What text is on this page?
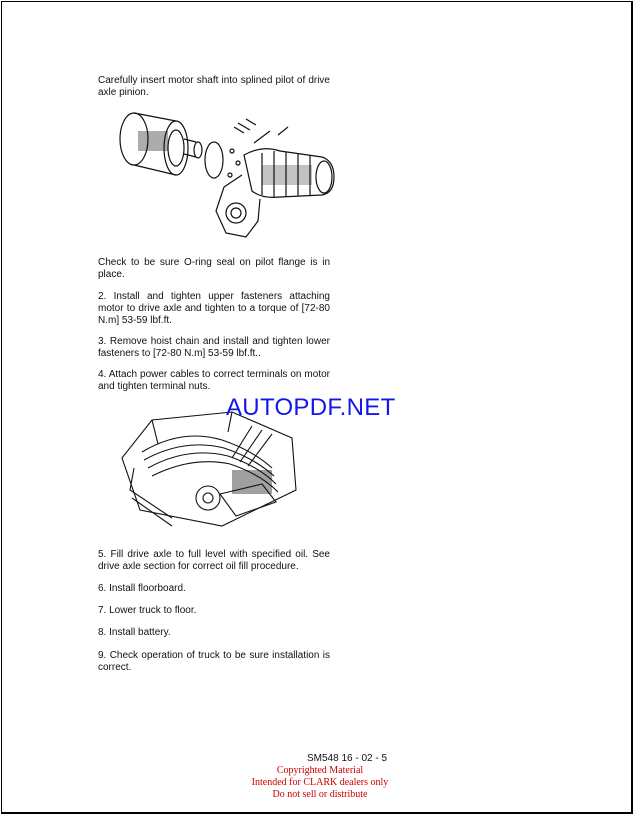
Carefully insert motor shaft into splined pilot of drive axle pinion.

Check to be sure O-ring seal on pilot flange is in place.

2. Install and tighten upper fasteners attaching motor to drive axle and tighten to a torque of [72-80 N.m] 53-59 lbf.ft.

3. Remove hoist chain and install and tighten lower fasteners to [72-80 N.m] 53-59 lbf.ft..

4. Attach power cables to correct terminals on motor and tighten terminal nuts.

AUTOPDF.NET

5. Fill drive axle to full level with specified oil. See drive axle section for correct oil fill procedure.

6. Install floorboard.

7. Lower truck to floor.

8. Install battery.

9. Check operation of truck to be sure installation is correct.

SM548 16 - 02 - 5
Copyrighted Material
Intended for CLARK dealers only
Do not sell or distribute
